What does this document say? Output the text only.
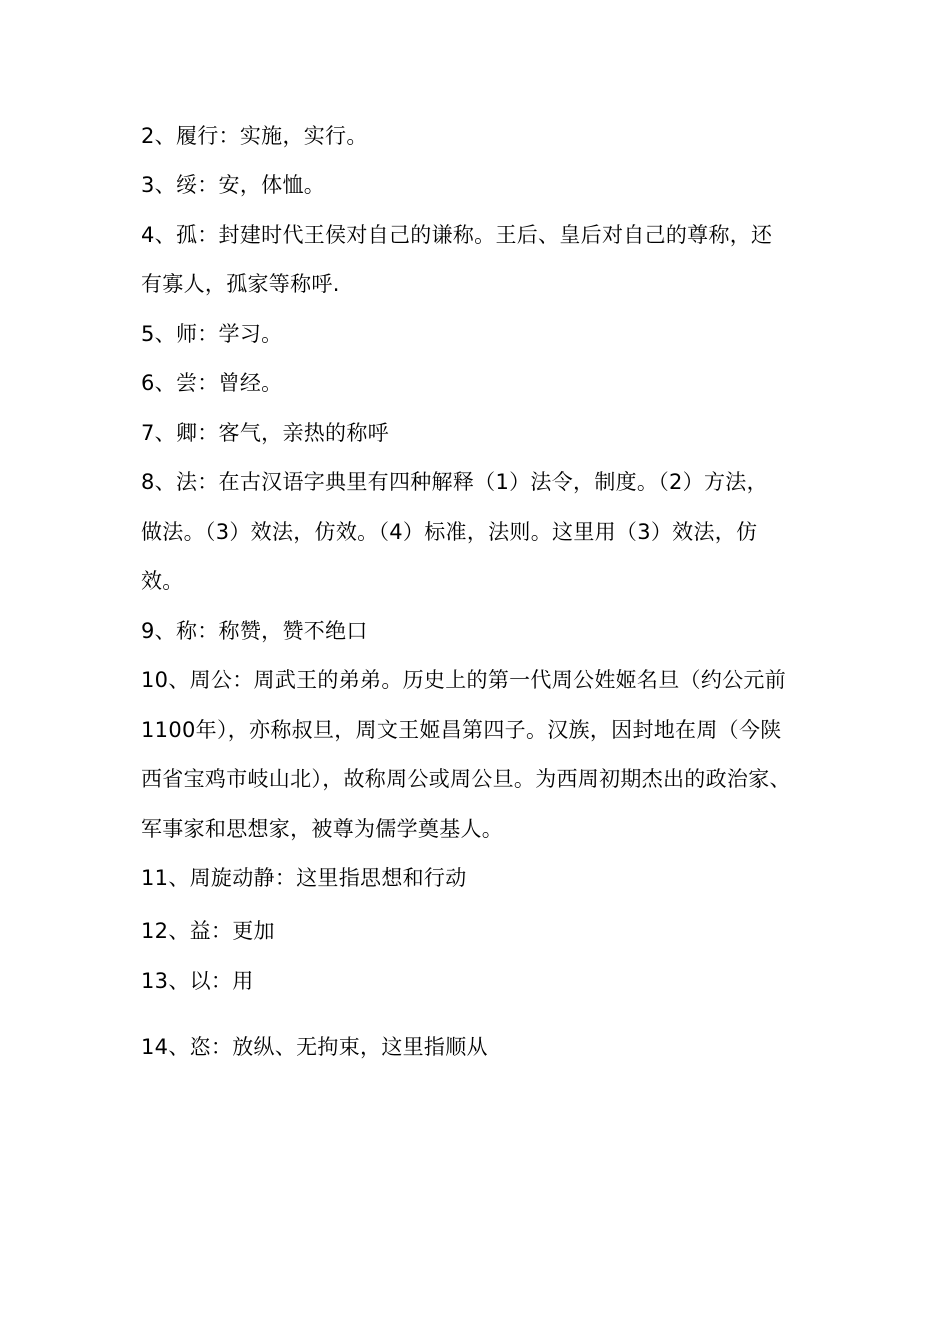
2、履行：实施，实行。
3、绥：安，体恤。
4、孤：封建时代王侯对自己的谦称。王后、皇后对自己的尊称，还
有寡人，孤家等称呼.
5、师：学习。
6、尝：曾经。
7、卿：客气，亲热的称呼
8、法：在古汉语字典里有四种解释（1）法令，制度。（2）方法，
做法。（3）效法，仿效。（4）标准，法则。这里用（3）效法，仿
效。
9、称：称赞，赞不绝口
10、周公：周武王的弟弟。历史上的第一代周公姓姬名旦（约公元前
1100年），亦称叔旦，周文王姬昌第四子。汉族，因封地在周（今陕
西省宝鸡市岐山北），故称周公或周公旦。为西周初期杰出的政治家、
军事家和思想家，被尊为儒学奠基人。
11、周旋动静：这里指思想和行动
12、益：更加
13、以：用
14、恣：放纵、无拘束，这里指顺从
